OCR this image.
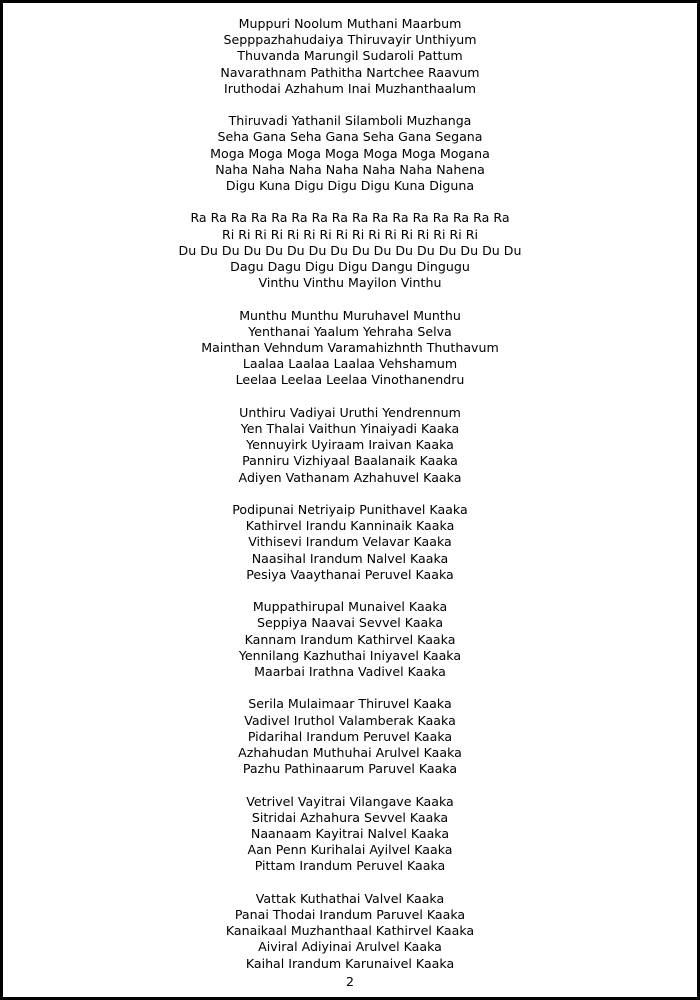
Muppuri Noolum Muthani Maarbum
Sepppazhahudaiya Thiruvayir Unthiyum
Thuvanda Marungil Sudaroli Pattum
Navarathnam Pathitha Nartchee Raavum
Iruthodai Azhahum Inai Muzhanthaalum
Thiruvadi Yathanil Silamboli Muzhanga
Seha Gana Seha Gana Seha Gana Segana
Moga Moga Moga Moga Moga Moga Mogana
Naha Naha Naha Naha Naha Naha Nahena
Digu Kuna Digu Digu Digu Kuna Diguna
Ra Ra Ra Ra Ra Ra Ra Ra Ra Ra Ra Ra Ra Ra Ra Ra
Ri Ri Ri Ri Ri Ri Ri Ri Ri Ri Ri Ri Ri Ri Ri Ri
Du Du Du Du Du Du Du Du Du Du Du Du Du Du Du Du
Dagu Dagu Digu Digu Dangu Dingugu
Vinthu Vinthu Mayilon Vinthu
Munthu Munthu Muruhavel Munthu
Yenthanai Yaalum Yehraha Selva
Mainthan Vehndum Varamahizhnth Thuthavum
Laalaa Laalaa Laalaa Vehshamum
Leelaa Leelaa Leelaa Vinothanendru
Unthiru Vadiyai Uruthi Yendrennum
Yen Thalai Vaithun Yinaiyadi Kaaka
Yennuyirk Uyiraam Iraivan Kaaka
Panniru Vizhiyaal Baalanaik Kaaka
Adiyen Vathanam Azhahuvel Kaaka
Podipunai Netriyaip Punithavel Kaaka
Kathirvel Irandu Kanninaik Kaaka
Vithisevi Irandum Velavar Kaaka
Naasihal Irandum Nalvel Kaaka
Pesiya Vaaythanai Peruvel Kaaka
Muppathirupal Munaivel Kaaka
Seppiya Naavai Sevvel Kaaka
Kannam Irandum Kathirvel Kaaka
Yennilang Kazhuthai Iniyavel Kaaka
Maarbai Irathna Vadivel Kaaka
Serila Mulaimaar Thiruvel Kaaka
Vadivel Iruthol Valamberak Kaaka
Pidarihal Irandum Peruvel Kaaka
Azhahudan Muthuhai Arulvel Kaaka
Pazhu Pathinaarum Paruvel Kaaka
Vetrivel Vayitrai Vilangave Kaaka
Sitridai Azhahura Sevvel Kaaka
Naanaam Kayitrai Nalvel Kaaka
Aan Penn Kurihalai Ayilvel Kaaka
Pittam Irandum Peruvel Kaaka
Vattak Kuthathai Valvel Kaaka
Panai Thodai Irandum Paruvel Kaaka
Kanaikaal Muzhanthaal Kathirvel Kaaka
Aiviral Adiyinai Arulvel Kaaka
Kaihal Irandum Karunaivel Kaaka
2
